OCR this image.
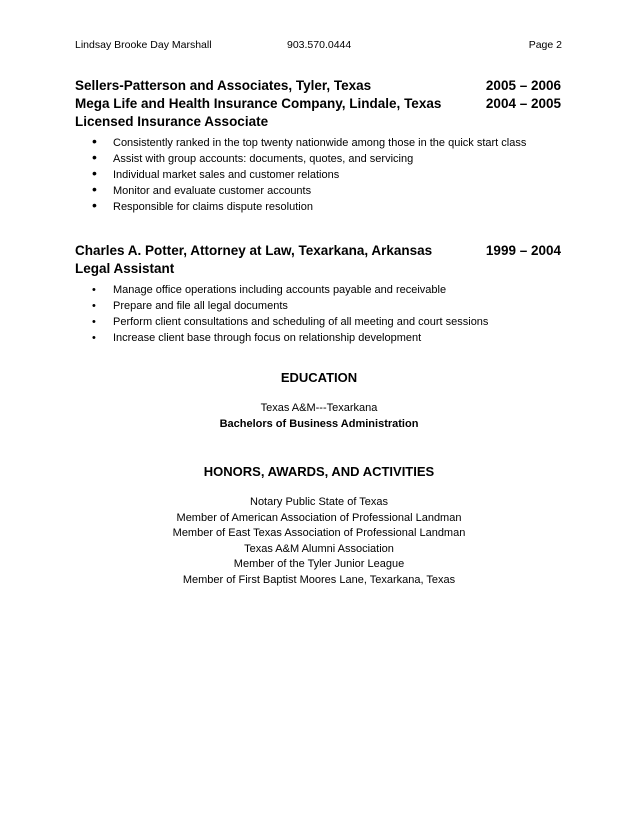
Lindsay Brooke Day Marshall	903.570.0444	Page 2
Sellers-Patterson and Associates, Tyler, Texas	2005 – 2006
Mega Life and Health Insurance Company, Lindale, Texas	2004 – 2005
Licensed Insurance Associate
• Consistently ranked in the top twenty nationwide among those in the quick start class
• Assist with group accounts: documents, quotes, and servicing
• Individual market sales and customer relations
• Monitor and evaluate customer accounts
• Responsible for claims dispute resolution
Charles A. Potter, Attorney at Law, Texarkana, Arkansas	1999 – 2004
Legal Assistant
• Manage office operations including accounts payable and receivable
• Prepare and file all legal documents
• Perform client consultations and scheduling of all meeting and court sessions
• Increase client base through focus on relationship development
EDUCATION
Texas A&M---Texarkana
Bachelors of Business Administration
HONORS, AWARDS, AND ACTIVITIES
Notary Public State of Texas
Member of American Association of Professional Landman
Member of East Texas Association of Professional Landman
Texas A&M Alumni Association
Member of the Tyler Junior League
Member of First Baptist Moores Lane, Texarkana, Texas
